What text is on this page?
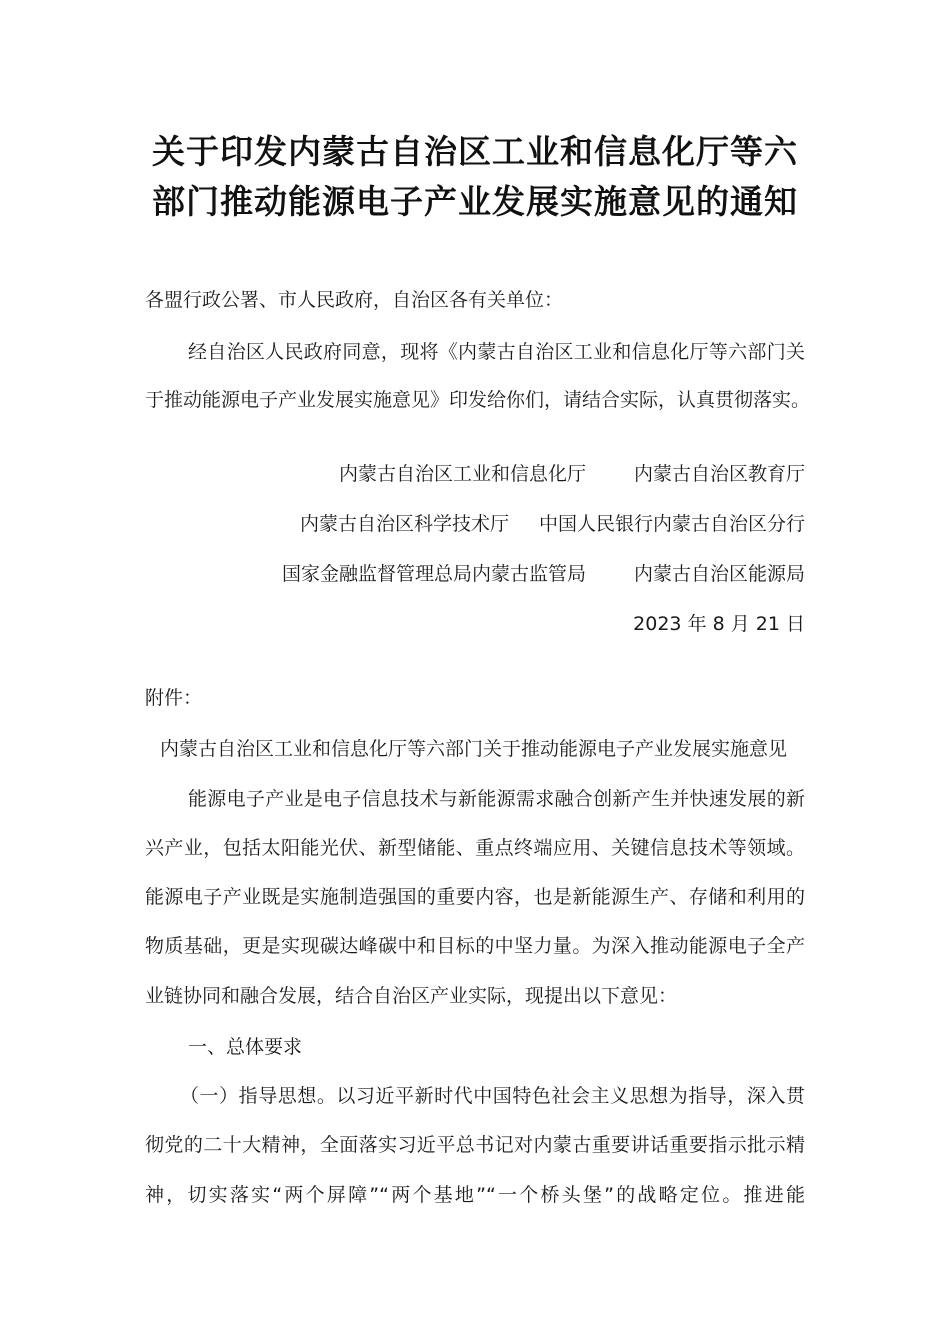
关于印发内蒙古自治区工业和信息化厅等六
部门推动能源电子产业发展实施意见的通知
各盟行政公署、市人民政府，自治区各有关单位：
经自治区人民政府同意，现将《内蒙古自治区工业和信息化厅等六部门关
于推动能源电子产业发展实施意见》印发给你们，请结合实际，认真贯彻落实。
内蒙古自治区工业和信息化厅	内蒙古自治区教育厅
内蒙古自治区科学技术厅 中国人民银行内蒙古自治区分行
国家金融监督管理总局内蒙古监管局	内蒙古自治区能源局
2023 年 8 月 21 日
附件：
内蒙古自治区工业和信息化厅等六部门关于推动能源电子产业发展实施意见
能源电子产业是电子信息技术与新能源需求融合创新产生并快速发展的新
兴产业，包括太阳能光伏、新型储能、重点终端应用、关键信息技术等领域。
能源电子产业既是实施制造强国的重要内容，也是新能源生产、存储和利用的
物质基础，更是实现碳达峰碳中和目标的中坚力量。为深入推动能源电子全产
业链协同和融合发展，结合自治区产业实际，现提出以下意见：
一、总体要求
（一）指导思想。以习近平新时代中国特色社会主义思想为指导，深入贯
彻党的二十大精神，全面落实习近平总书记对内蒙古重要讲话重要指示批示精
神，切实落实“两个屏障”“两个基地”“一个桥头堡”的战略定位。推进能
